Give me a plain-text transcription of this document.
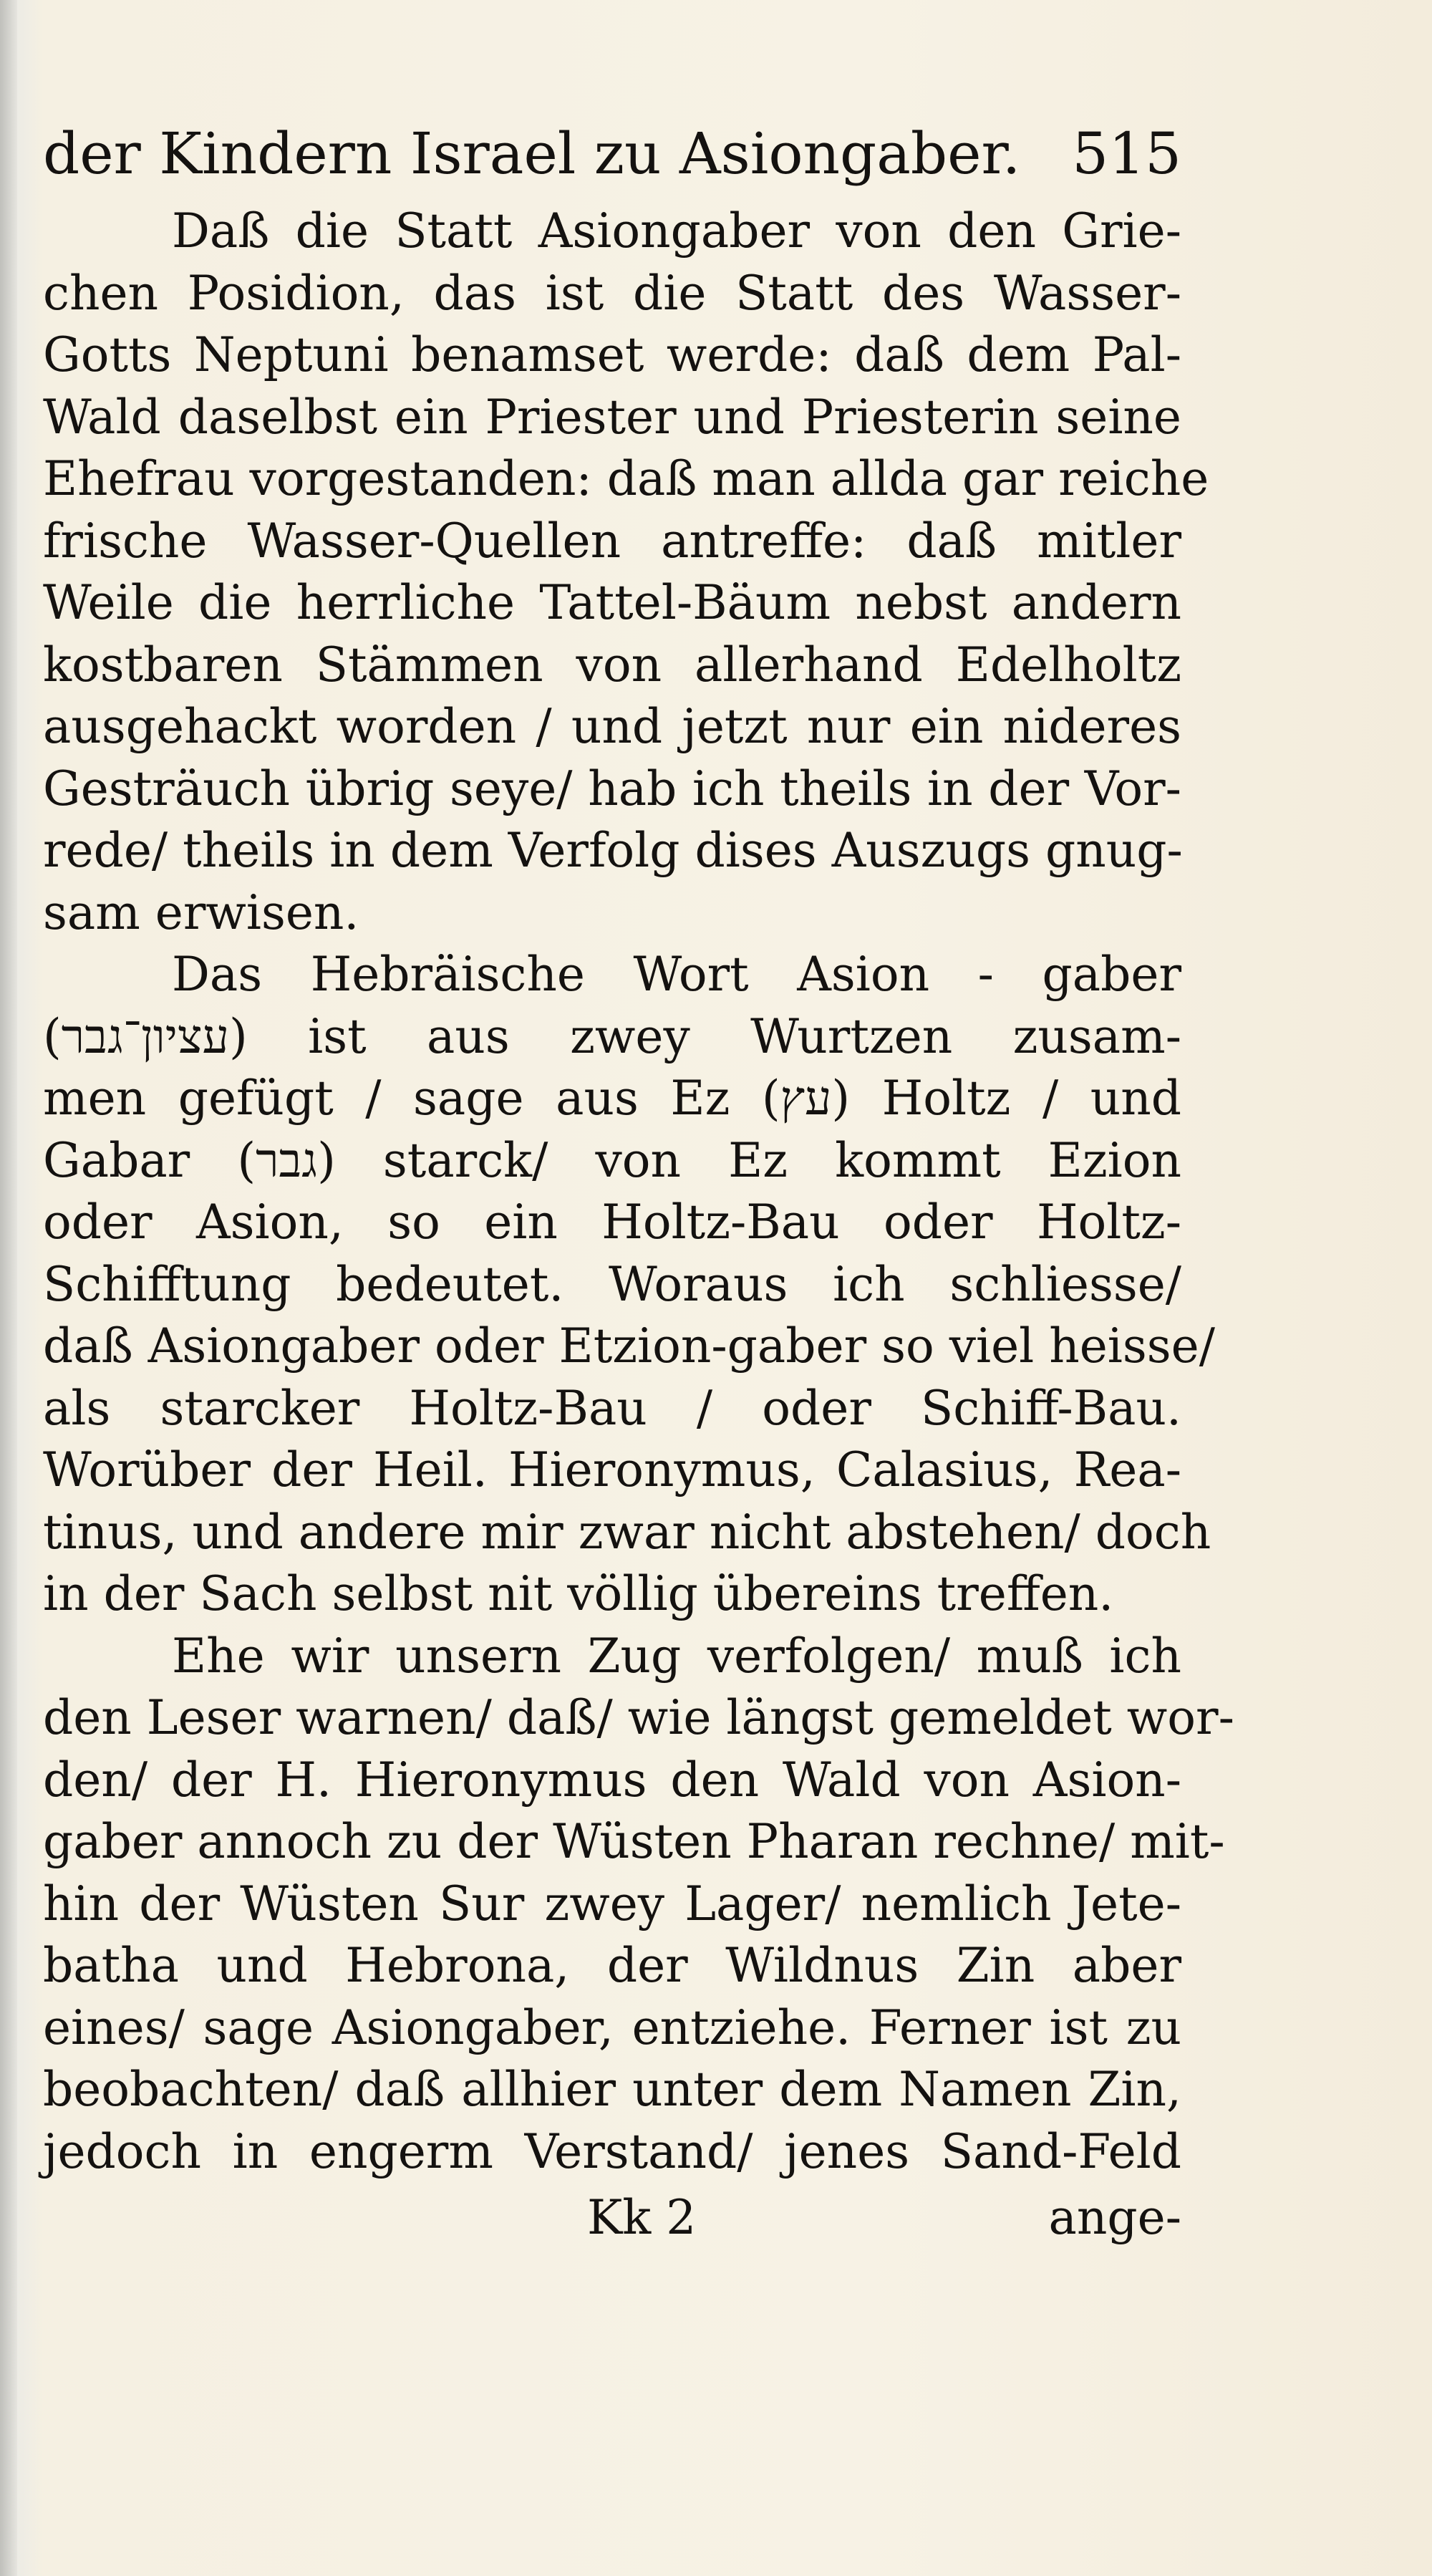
der Kindern Israel zu Asiongaber. 515
Daß die Statt Asiongaber von den Grie-
chen Posidion, das ist die Statt des Wasser-
Gotts Neptuni benamset werde: daß dem Pal-
Wald daselbst ein Priester und Priesterin seine
Ehefrau vorgestanden: daß man allda gar reiche
frische Wasser-Quellen antreffe: daß mitler
Weile die herrliche Tattel-Bäum nebst andern
kostbaren Stämmen von allerhand Edelholtz
ausgehackt worden / und jetzt nur ein nideres
Gesträuch übrig seye/ hab ich theils in der Vor-
rede/ theils in dem Verfolg dises Auszugs gnug-
sam erwisen.
Das Hebräische Wort Asion - gaber
(עציון־גבר) ist aus zwey Wurtzen zusam-
men gefügt / sage aus Ez (עץ) Holtz / und
Gabar (גבר) starck/ von Ez kommt Ezion
oder Asion, so ein Holtz-Bau oder Holtz-
Schifftung bedeutet. Woraus ich schliesse/
daß Asiongaber oder Etzion-gaber so viel heisse/
als starcker Holtz-Bau / oder Schiff-Bau.
Worüber der Heil. Hieronymus, Calasius, Rea-
tinus, und andere mir zwar nicht abstehen/ doch
in der Sach selbst nit völlig übereins treffen.
Ehe wir unsern Zug verfolgen/ muß ich
den Leser warnen/ daß/ wie längst gemeldet wor-
den/ der H. Hieronymus den Wald von Asion-
gaber annoch zu der Wüsten Pharan rechne/ mit-
hin der Wüsten Sur zwey Lager/ nemlich Jete-
batha und Hebrona, der Wildnus Zin aber
eines/ sage Asiongaber, entziehe. Ferner ist zu
beobachten/ daß allhier unter dem Namen Zin,
jedoch in engerm Verstand/ jenes Sand-Feld
Kk 2	ange-
